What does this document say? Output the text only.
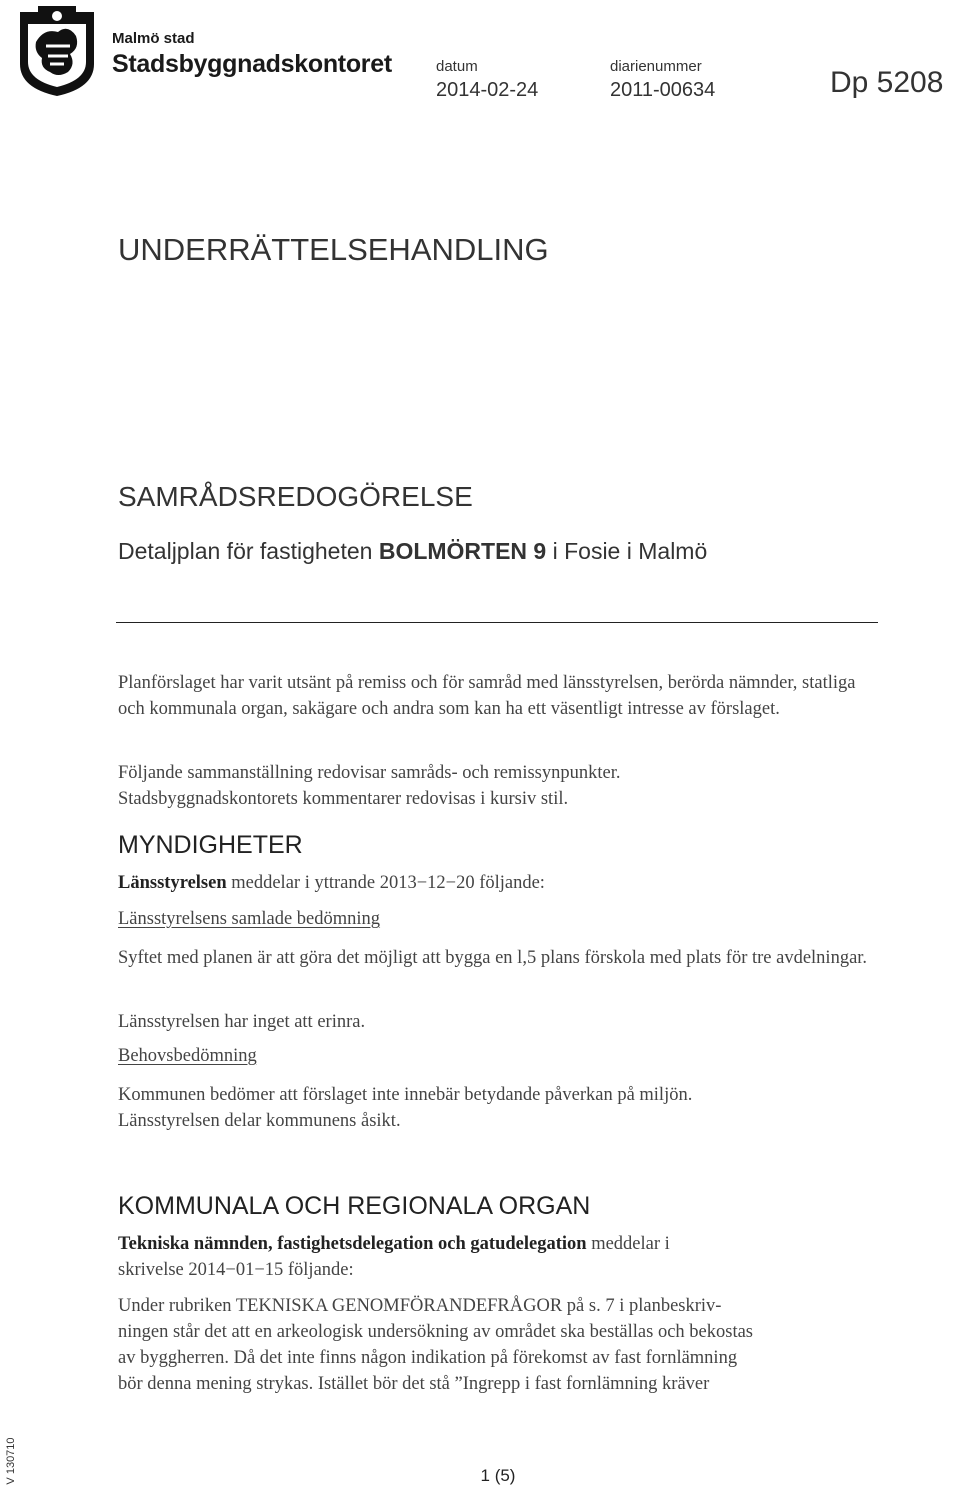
Malmö stad
Stadsbyggnadskontoret	datum
2014-02-24
diarienummer
2011-00634	Dp 5208
UNDERRÄTTELSEHANDLING
SAMRÅDSREDOGÖRELSE
Detaljplan för fastigheten BOLMÖRTEN 9 i Fosie i Malmö
Planförslaget har varit utsänt på remiss och för samråd med länsstyrelsen, berörda nämnder, statliga och kommunala organ, sakägare och andra som kan ha ett väsentligt intresse av förslaget.
Följande sammanställning redovisar samråds- och remissynpunkter.
Stadsbyggnadskontorets kommentarer redovisas i kursiv stil.
MYNDIGHETER
Länsstyrelsen meddelar i yttrande 2013−12−20 följande:
Länsstyrelsens samlade bedömning
Syftet med planen är att göra det möjligt att bygga en l,5 plans förskola med plats för tre avdelningar.
Länsstyrelsen har inget att erinra.
Behovsbedömning
Kommunen bedömer att förslaget inte innebär betydande påverkan på miljön.
Länsstyrelsen delar kommunens åsikt.
KOMMUNALA OCH REGIONALA ORGAN
Tekniska nämnden, fastighetsdelegation och gatudelegation meddelar i
skrivelse 2014−01−15 följande:
Under rubriken TEKNISKA GENOMFÖRANDEFRÅGOR på s. 7 i planbeskriv-
ningen står det att en arkeologisk undersökning av området ska beställas och bekostas
av byggherren. Då det inte finns någon indikation på förekomst av fast fornlämning
bör denna mening strykas. Istället bör det stå ”Ingrepp i fast fornlämning kräver
V 130710	1 (5)
